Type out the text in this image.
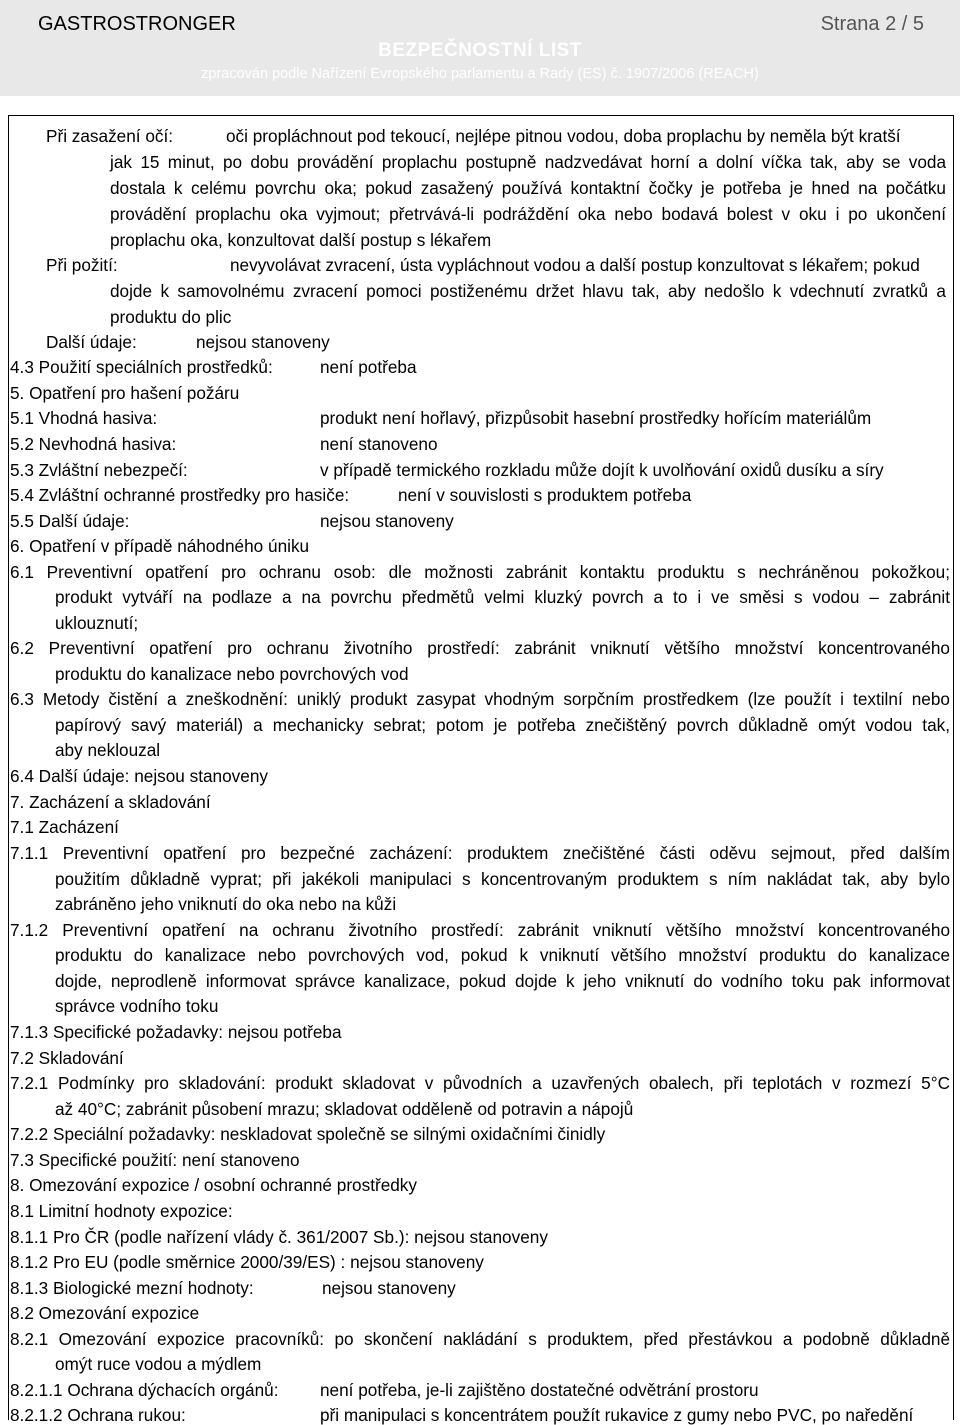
GASTROSTRONGER	Strana 2 / 5
BEZPEČNOSTNÍ LIST
zpracován podle Nařízení Evropského parlamentu a Rady (ES) č. 1907/2006 (REACH)
Při zasažení očí:	oči propláchnout pod tekoucí, nejlépe pitnou vodou, doba proplachu by neměla být kratší
jak 15 minut, po dobu provádění proplachu postupně nadzvedávat horní a dolní víčka tak, aby se voda
dostala k celému povrchu oka; pokud zasažený používá kontaktní čočky je potřeba je hned na počátku
provádění proplachu oka vyjmout; přetrvává-li podráždění oka nebo bodavá bolest v oku i po ukončení
proplachu oka, konzultovat další postup s lékařem
Při požití:	nevyvolávat zvracení, ústa vypláchnout vodou a další postup konzultovat s lékařem; pokud
dojde k samovolnému zvracení pomoci postiženému držet hlavu tak, aby nedošlo k vdechnutí zvratků a
produktu do plic
Další údaje:	nejsou stanoveny
4.3 Použití speciálních prostředků:	není potřeba
5. Opatření pro hašení požáru
5.1 Vhodná hasiva:	produkt není hořlavý, přizpůsobit hasební prostředky hořícím materiálům
5.2 Nevhodná hasiva:	není stanoveno
5.3 Zvláštní nebezpečí:	v případě termického rozkladu může dojít k uvolňování oxidů dusíku a síry
5.4 Zvláštní ochranné prostředky pro hasiče:	není v souvislosti s produktem potřeba
5.5 Další údaje:	nejsou stanoveny
6. Opatření v případě náhodného úniku
6.1 Preventivní opatření pro ochranu osob: dle možnosti zabránit kontaktu produktu s nechráněnou pokožkou;
produkt vytváří na podlaze a na povrchu předmětů velmi kluzký povrch a to i ve směsi s vodou – zabránit
uklouznutí;
6.2 Preventivní opatření pro ochranu životního prostředí: zabránit vniknutí většího množství koncentrovaného
produktu do kanalizace nebo povrchových vod
6.3 Metody čistění a zneškodnění: uniklý produkt zasypat vhodným sorpčním prostředkem (lze použít i textilní nebo
papírový savý materiál) a mechanicky sebrat; potom je potřeba znečištěný povrch důkladně omýt vodou tak,
aby neklouzal
6.4 Další údaje: nejsou stanoveny
7. Zacházení a skladování
7.1 Zacházení
7.1.1 Preventivní opatření pro bezpečné zacházení: produktem znečištěné části oděvu sejmout, před dalším
použitím důkladně vyprat; při jakékoli manipulaci s koncentrovaným produktem s ním nakládat tak, aby bylo
zabráněno jeho vniknutí do oka nebo na kůži
7.1.2 Preventivní opatření na ochranu životního prostředí: zabránit vniknutí většího množství koncentrovaného
produktu do kanalizace nebo povrchových vod, pokud k vniknutí většího množství produktu do kanalizace
dojde, neprodleně informovat správce kanalizace, pokud dojde k jeho vniknutí do vodního toku pak informovat
správce vodního toku
7.1.3 Specifické požadavky: nejsou potřeba
7.2 Skladování
7.2.1 Podmínky pro skladování: produkt skladovat v původních a uzavřených obalech, při teplotách v rozmezí 5°C
až 40°C; zabránit působení mrazu; skladovat odděleně od potravin a nápojů
7.2.2 Speciální požadavky: neskladovat společně se silnými oxidačními činidly
7.3 Specifické použití: není stanoveno
8. Omezování expozice / osobní ochranné prostředky
8.1 Limitní hodnoty expozice:
8.1.1 Pro ČR (podle nařízení vlády č. 361/2007 Sb.): nejsou stanoveny
8.1.2 Pro EU (podle směrnice 2000/39/ES) : nejsou stanoveny
8.1.3 Biologické mezní hodnoty:	nejsou stanoveny
8.2 Omezování expozice
8.2.1 Omezování expozice pracovníků: po skončení nakládání s produktem, před přestávkou a podobně důkladně
omýt ruce vodou a mýdlem
8.2.1.1 Ochrana dýchacích orgánů: není potřeba, je-li zajištěno dostatečné odvětrání prostoru
8.2.1.2 Ochrana rukou:	při manipulaci s koncentrátem použít rukavice z gumy nebo PVC, po naředění
